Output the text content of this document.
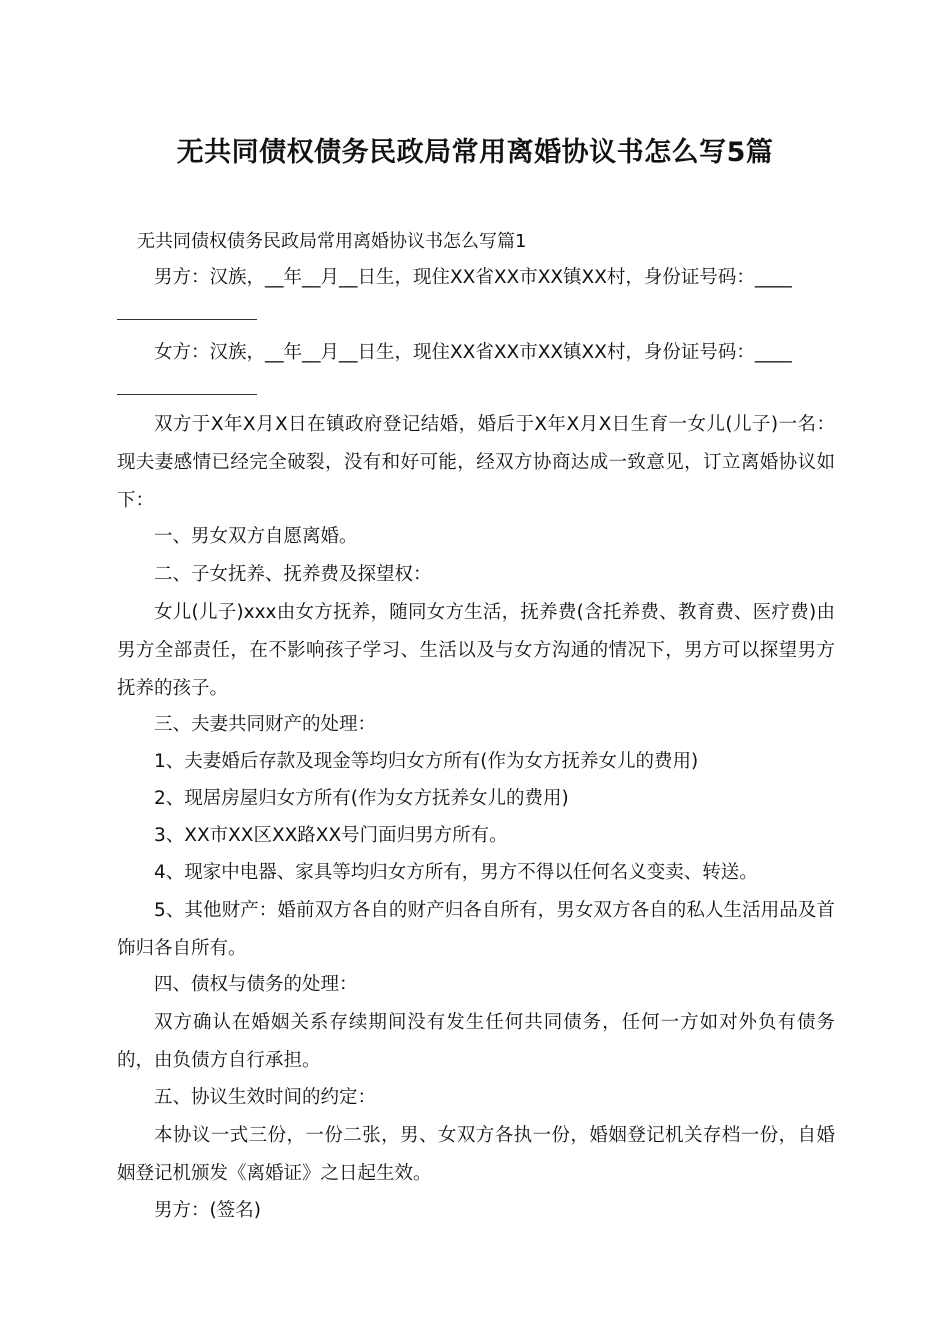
无共同债权债务民政局常用离婚协议书怎么写5篇
无共同债权债务民政局常用离婚协议书怎么写篇1
男方：汉族，__年__月__日生，现住XX省XX市XX镇XX村，身份证号码：____
女方：汉族，__年__月__日生，现住XX省XX市XX镇XX村，身份证号码：____
双方于X年X月X日在镇政府登记结婚，婚后于X年X月X日生育一女儿(儿子)一名：现夫妻感情已经完全破裂，没有和好可能，经双方协商达成一致意见，订立离婚协议如下：
一、男女双方自愿离婚。
二、子女抚养、抚养费及探望权：
女儿(儿子)xxx由女方抚养，随同女方生活，抚养费(含托养费、教育费、医疗费)由男方全部责任，在不影响孩子学习、生活以及与女方沟通的情况下，男方可以探望男方抚养的孩子。
三、夫妻共同财产的处理：
1、夫妻婚后存款及现金等均归女方所有(作为女方抚养女儿的费用)
2、现居房屋归女方所有(作为女方抚养女儿的费用)
3、XX市XX区XX路XX号门面归男方所有。
4、现家中电器、家具等均归女方所有，男方不得以任何名义变卖、转送。
5、其他财产：婚前双方各自的财产归各自所有，男女双方各自的私人生活用品及首饰归各自所有。
四、债权与债务的处理：
双方确认在婚姻关系存续期间没有发生任何共同债务，任何一方如对外负有债务的，由负债方自行承担。
五、协议生效时间的约定：
本协议一式三份，一份二张，男、女双方各执一份，婚姻登记机关存档一份，自婚姻登记机颁发《离婚证》之日起生效。
男方：(签名)
